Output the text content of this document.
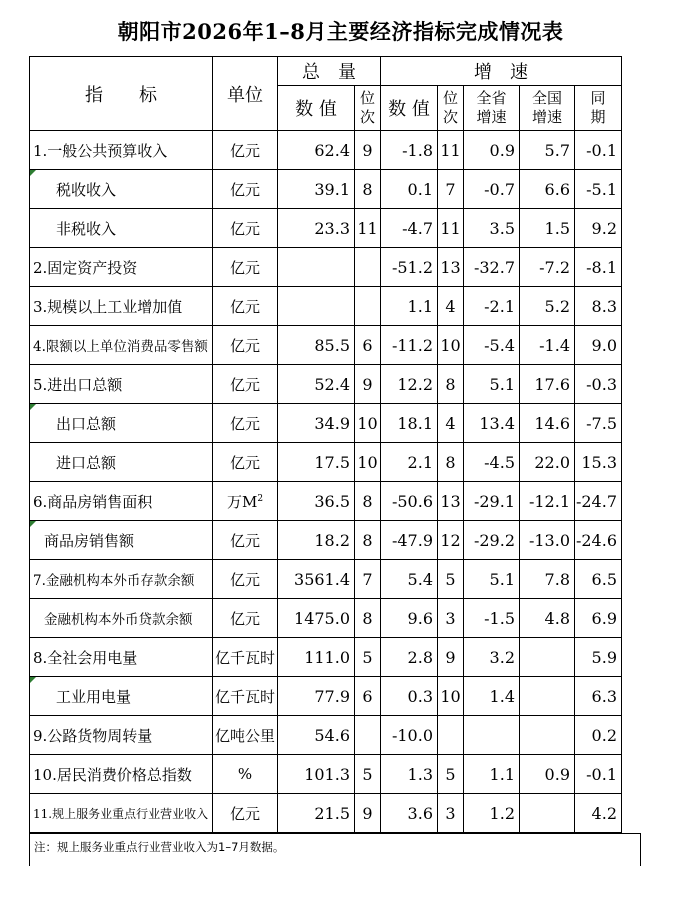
朝阳市2026年1–8月主要经济指标完成情况表
指　　标	单位	总　量		增　速				
		数 值	位次	数 值	位次	全省增速	全国增速	同期
1.一般公共预算收入	亿元	62.4	9	-1.8	11	0.9	5.7	-0.1

税收收入	亿元	39.1	8	0.1	7	-0.7	6.6	-5.1
非税收入	亿元	23.3	11	-4.7	11	3.5	1.5	9.2
2.固定资产投资	亿元			-51.2	13	-32.7	-7.2	-8.1
3.规模以上工业增加值	亿元			1.1	4	-2.1	5.2	8.3
4.限额以上单位消费品零售额	亿元	85.5	6	-11.2	10	-5.4	-1.4	9.0
5.进出口总额	亿元	52.4	9	12.2	8	5.1	17.6	-0.3

出口总额	亿元	34.9	10	18.1	4	13.4	14.6	-7.5
进口总额	亿元	17.5	10	2.1	8	-4.5	22.0	15.3
6.商品房销售面积	万$M^2$	36.5	8	-50.6	13	-29.1	-12.1	-24.7

商品房销售额	亿元	18.2	8	-47.9	12	-29.2	-13.0	-24.6
7.金融机构本外币存款余额	亿元	3561.4	7	5.4	5	5.1	7.8	6.5
金融机构本外币贷款余额	亿元	1475.0	8	9.6	3	-1.5	4.8	6.9
8.全社会用电量	亿千瓦时	111.0	5	2.8	9	3.2		5.9

工业用电量	亿千瓦时	77.9	6	0.3	10	1.4		6.3
9.公路货物周转量	亿吨公里	54.6		-10.0				0.2
10.居民消费价格总指数	%	101.3	5	1.3	5	1.1	0.9	-0.1
11.规上服务业重点行业营业收入	亿元	21.5	9	3.6	3	1.2		4.2
注：规上服务业重点行业营业收入为1–7月数据。
